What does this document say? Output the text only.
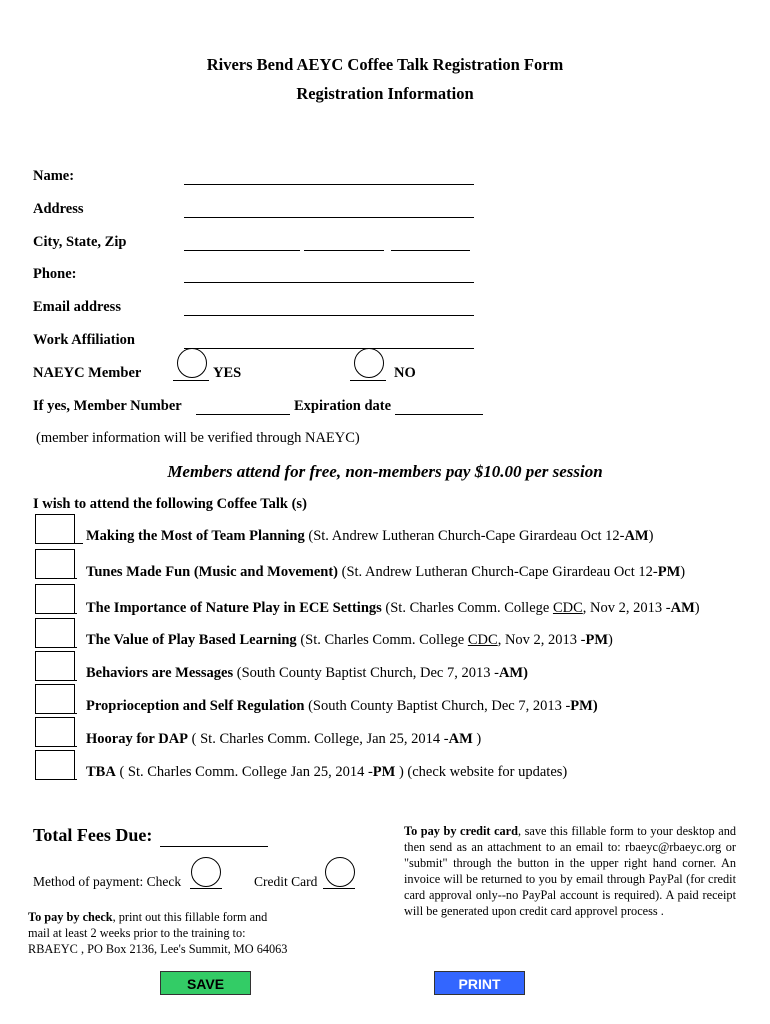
Rivers Bend AEYC Coffee Talk Registration Form
Registration Information
Name:
Address
City, State, Zip
Phone:
Email address
Work Affiliation
NAEYC Member	YES	NO
If yes, Member Number	Expiration date
(member information will be verified through NAEYC)
Members attend for free, non-members pay $10.00 per session
I wish to attend the following Coffee Talk (s)
Making the Most of Team Planning (St. Andrew Lutheran Church-Cape Girardeau Oct 12-AM)
Tunes Made Fun (Music and Movement) (St. Andrew Lutheran Church-Cape Girardeau Oct 12-PM)
The Importance of Nature Play in ECE Settings (St. Charles Comm. College CDC, Nov 2, 2013 -AM)
The Value of Play Based Learning (St. Charles Comm. College CDC, Nov 2, 2013 -PM)
Behaviors are Messages (South County Baptist Church, Dec 7, 2013 -AM)
Proprioception and Self Regulation (South County Baptist Church, Dec 7, 2013 -PM)
Hooray for DAP ( St. Charles Comm. College, Jan 25, 2014 -AM )
TBA ( St. Charles Comm. College Jan 25, 2014 -PM ) (check website for updates)
Total Fees Due:
Method of payment: Check	Credit Card
To pay by check, print out this fillable form and mail at least 2 weeks prior to the training to:
RBAEYC , PO Box 2136, Lee's Summit, MO 64063
To pay by credit card, save this fillable form to your desktop and then send as an attachment to an email to: rbaeyc@rbaeyc.org or "submit" through the button in the upper right hand corner. An invoice will be returned to you by email through PayPal (for credit card approval only--no PayPal account is required). A paid receipt will be generated upon credit card approvel process .
SAVE	PRINT
